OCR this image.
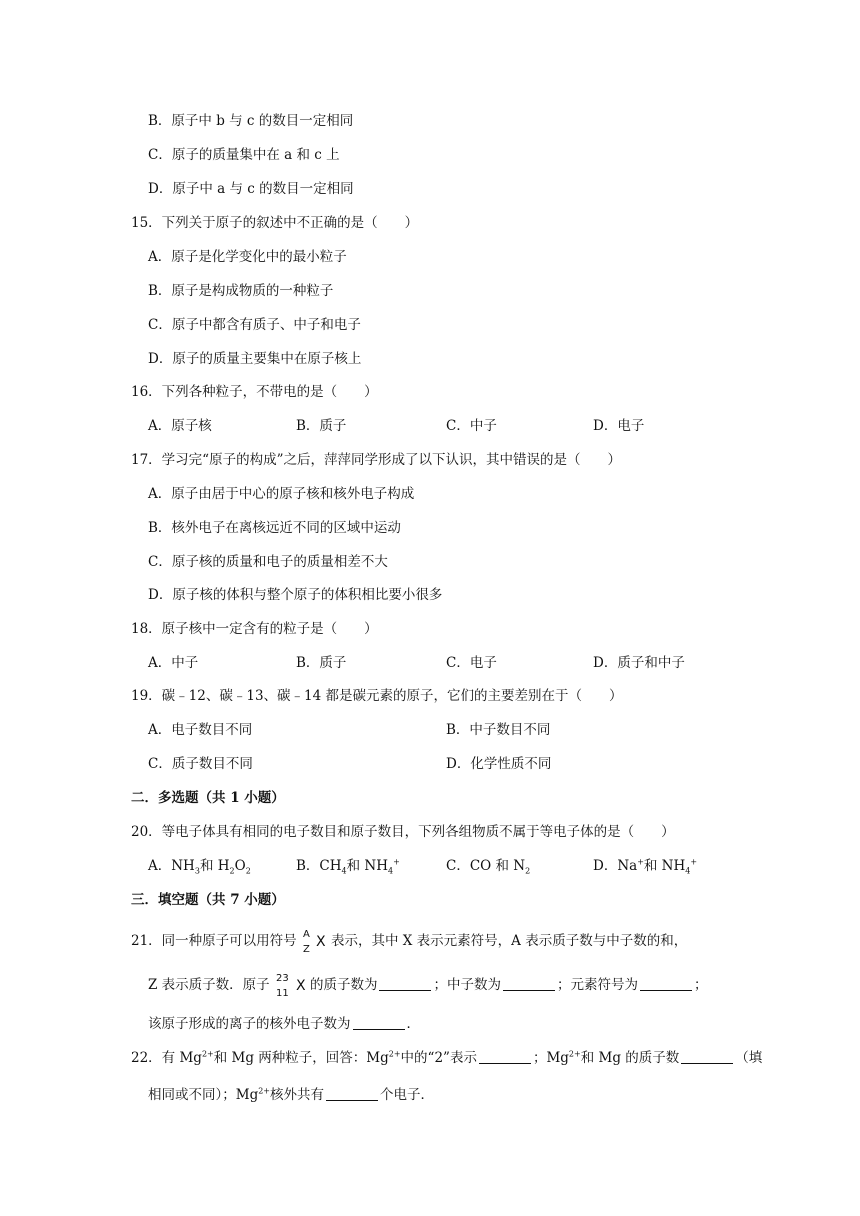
B．原子中 b 与 c 的数目一定相同
C．原子的质量集中在 a 和 c 上
D．原子中 a 与 c 的数目一定相同
15．下列关于原子的叙述中不正确的是（　　）
A．原子是化学变化中的最小粒子
B．原子是构成物质的一种粒子
C．原子中都含有质子、中子和电子
D．原子的质量主要集中在原子核上
16．下列各种粒子，不带电的是（　　）
A．原子核	B．质子	C．中子	D．电子
17．学习完“原子的构成”之后，萍萍同学形成了以下认识，其中错误的是（　　）
A．原子由居于中心的原子核和核外电子构成
B．核外电子在离核远近不同的区域中运动
C．原子核的质量和电子的质量相差不大
D．原子核的体积与整个原子的体积相比要小很多
18．原子核中一定含有的粒子是（　　）
A．中子	B．质子	C．电子	D．质子和中子
19．碳﹣12、碳﹣13、碳﹣14 都是碳元素的原子，它们的主要差别在于（　　）
A．电子数目不同	B．中子数目不同
C．质子数目不同	D．化学性质不同
二．多选题（共 1 小题）
20．等电子体具有相同的电子数目和原子数目，下列各组物质不属于等电子体的是（　　）
A．$NH_3$和 $H_2O_2$	B．$CH_4$和 $NH_4^+$	C．CO 和 $N_2$	D．Na+和 $NH_4^+$
三．填空题（共 7 小题）
21．同一种原子可以用符号 A
Z X 表示，其中 X 表示元素符号，A 表示质子数与中子数的和，
Z 表示质子数．原子 23
11 X 的质子数为	；中子数为	；元素符号为	；
该原子形成的离子的核外电子数为	．
22．有 $Mg^{2+}$和 Mg 两种粒子，回答：$Mg^{2+}$中的“2”表示	；$Mg^{2+}$和 Mg 的质子数	（填
相同或不同）；$Mg^{2+}$核外共有	个电子．
